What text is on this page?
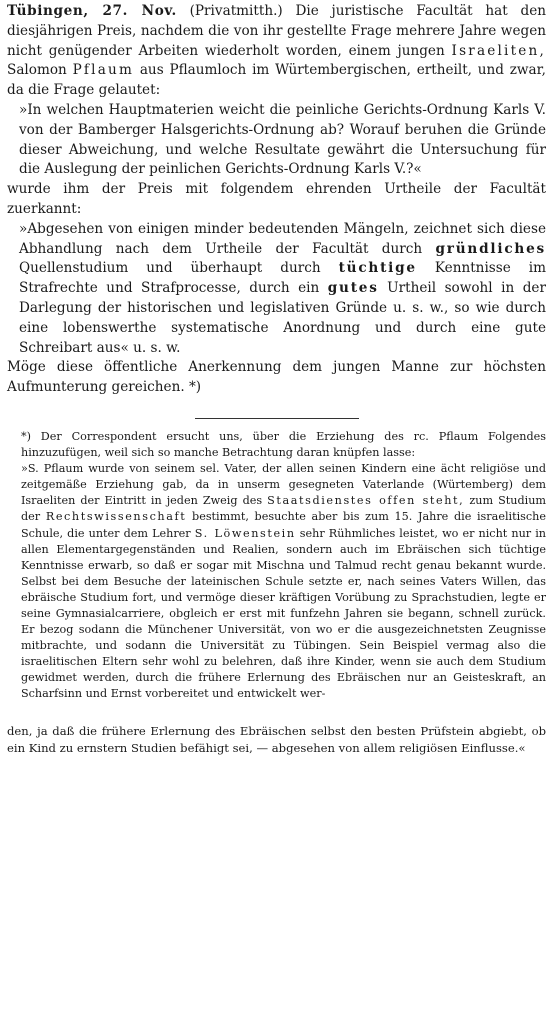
Tübingen, 27. Nov. (Privatmitth.) Die juristische Facultät hat den diesjährigen Preis, nachdem die von ihr gestellte Frage mehrere Jahre wegen nicht genügender Arbeiten wiederholt worden, einem jungen Israeliten, Salomon Pflaum aus Pflaumloch im Würtembergischen, ertheilt, und zwar, da die Frage gelautet:

»In welchen Hauptmaterien weicht die peinliche Gerichts-Ordnung Karls V. von der Bamberger Halsgerichts-Ordnung ab? Worauf beruhen die Gründe dieser Abweichung, und welche Resultate gewährt die Untersuchung für die Auslegung der peinlichen Gerichts-Ordnung Karls V.?«

wurde ihm der Preis mit folgendem ehrenden Urtheile der Facultät zuerkannt:

»Abgesehen von einigen minder bedeutenden Mängeln, zeichnet sich diese Abhandlung nach dem Urtheile der Facultät durch gründliches Quellenstudium und überhaupt durch tüchtige Kenntnisse im Strafrechte und Strafprocesse, durch ein gutes Urtheil sowohl in der Darlegung der historischen und legislativen Gründe u. s. w., so wie durch eine lobenswerthe systematische Anordnung und durch eine gute Schreibart aus« u. s. w.

Möge diese öffentliche Anerkennung dem jungen Manne zur höchsten Aufmunterung gereichen. *)

*) Der Correspondent ersucht uns, über die Erziehung des rc. Pflaum Folgendes hinzuzufügen, weil sich so manche Betrachtung daran knüpfen lasse:

»S. Pflaum wurde von seinem sel. Vater, der allen seinen Kindern eine ächt religiöse und zeitgemäße Erziehung gab, da in unserm gesegneten Vaterlande (Würtemberg) dem Israeliten der Eintritt in jeden Zweig des Staatsdienstes offen steht, zum Studium der Rechtswissenschaft bestimmt, besuchte aber bis zum 15. Jahre die israelitische Schule, die unter dem Lehrer S. Löwenstein sehr Rühmliches leistet, wo er nicht nur in allen Elementargegenständen und Realien, sondern auch im Ebräischen sich tüchtige Kenntnisse erwarb, so daß er sogar mit Mischna und Talmud recht genau bekannt wurde. Selbst bei dem Besuche der lateinischen Schule setzte er, nach seines Vaters Willen, das ebräische Studium fort, und vermöge dieser kräftigen Vorübung zu Sprachstudien, legte er seine Gymnasialcarriere, obgleich er erst mit funfzehn Jahren sie begann, schnell zurück. Er bezog sodann die Münchener Universität, von wo er die ausgezeichnetsten Zeugnisse mitbrachte, und sodann die Universität zu Tübingen. Sein Beispiel vermag also die israelitischen Eltern sehr wohl zu belehren, daß ihre Kinder, wenn sie auch dem Studium gewidmet werden, durch die frühere Erlernung des Ebräischen nur an Geisteskraft, an Scharfsinn und Ernst vorbereitet und entwickelt wer-

den, ja daß die frühere Erlernung des Ebräischen selbst den besten Prüfstein abgiebt, ob ein Kind zu ernstern Studien befähigt sei, — abgesehen von allem religiösen Einflusse.«
